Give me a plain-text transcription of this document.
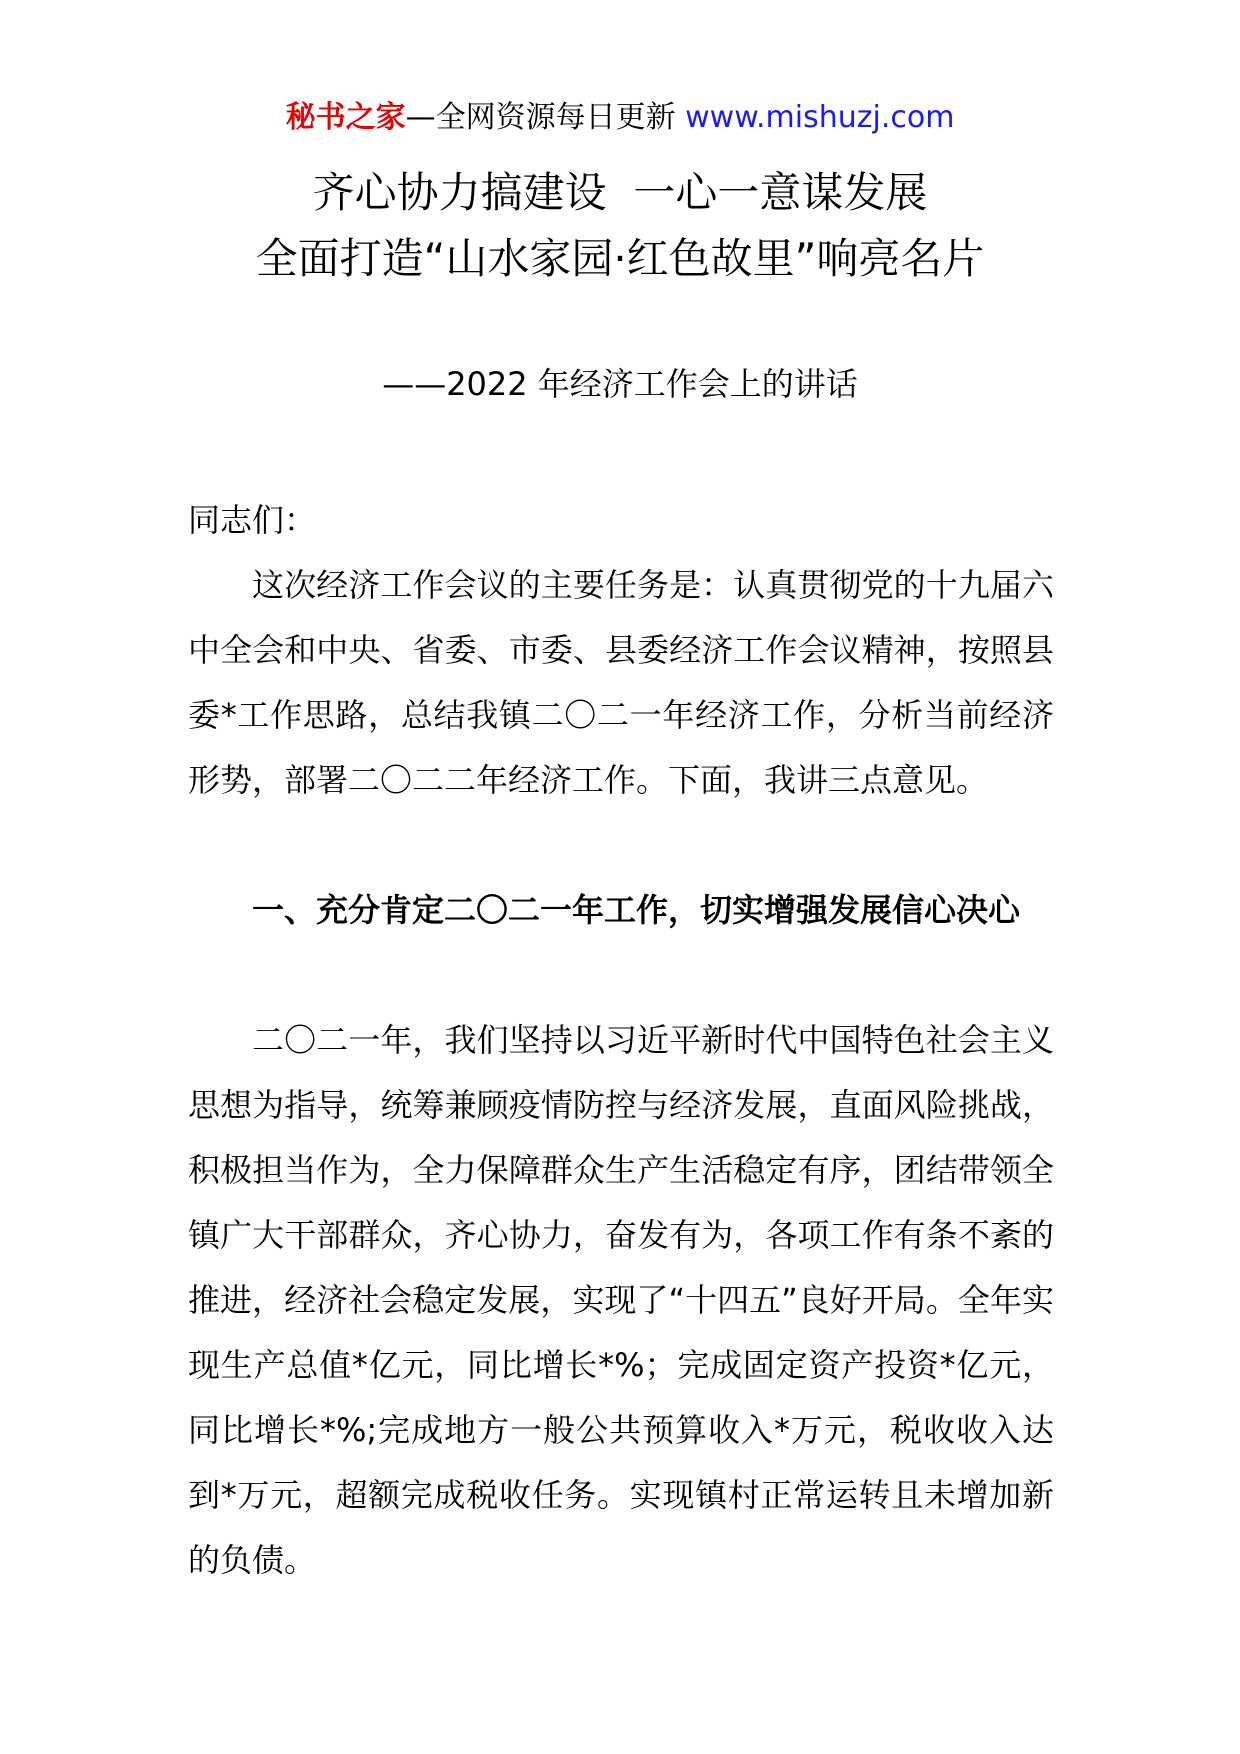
秘书之家—全网资源每日更新 www.mishuzj.com
齐心协力搞建设  一心一意谋发展
全面打造“山水家园·红色故里”响亮名片
——2022 年经济工作会上的讲话

同志们：

这次经济工作会议的主要任务是：认真贯彻党的十九届六中全会和中央、省委、市委、县委经济工作会议精神，按照县委*工作思路，总结我镇二〇二一年经济工作，分析当前经济形势，部署二〇二二年经济工作。下面，我讲三点意见。

一、充分肯定二〇二一年工作，切实增强发展信心决心

二〇二一年，我们坚持以习近平新时代中国特色社会主义思想为指导，统筹兼顾疫情防控与经济发展，直面风险挑战，积极担当作为，全力保障群众生产生活稳定有序，团结带领全镇广大干部群众，齐心协力，奋发有为，各项工作有条不紊的推进，经济社会稳定发展，实现了“十四五”良好开局。全年实现生产总值*亿元，同比增长*%；完成固定资产投资*亿元，同比增长*%;完成地方一般公共预算收入*万元，税收收入达到*万元，超额完成税收任务。实现镇村正常运转且未增加新的负债。
